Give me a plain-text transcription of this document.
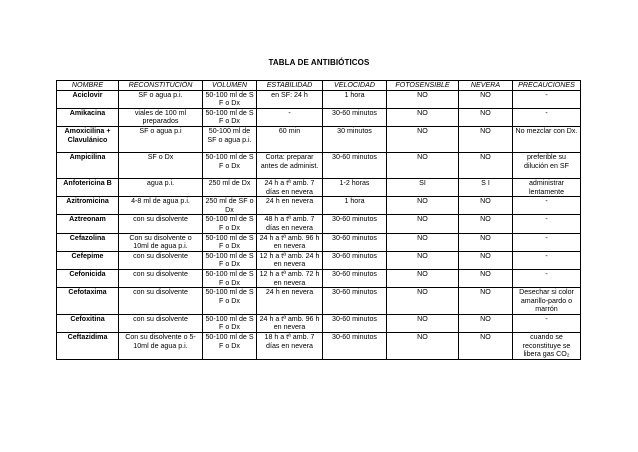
TABLA DE ANTIBIÓTICOS
NOMBRE	RECONSTITUCIÓN	VOLUMEN	ESTABILIDAD	VELOCIDAD	FOTOSENSIBLE	NEVERA	PRECAUCIONES
Aciclovir	SF o agua p.i.	50-100 ml de S F o Dx	en SF: 24 h	1 hora	NO	NO	-
Amikacina	viales de 100 ml preparados	50-100 ml de S F o Dx	-	30-60 minutos	NO	NO	-
Amoxicilina + Clavulánico	SF o agua p.i	50-100 ml de SF o agua p.i.	60 min	30 minutos	NO	NO	No mezclar con Dx.
Ampicilina	SF o Dx	50-100 ml de S F o Dx	Corta: preparar antes de administ.	30-60 minutos	NO	NO	preferible su dilución en SF
Anfotericina B	agua p.i.	250 ml de Dx	24 h a tª amb. 7 días en nevera	1-2 horas	SI	S I	administrar lentamente
Azitromicina	4-8 ml de agua p.i.	250 ml de SF o Dx	24 h en nevera	1 hora	NO	NO	-
Aztreonam	con su disolvente	50-100 ml de S F o Dx	48 h a tª amb. 7 días en nevera	30-60 minutos	NO	NO	-
Cefazolina	Con su disolvente o 10ml de agua p.i.	50-100 ml de S F o Dx	24 h a tª amb. 96 h en nevera	30-60 minutos	NO	NO	-
Cefepime	con su disolvente	50-100 ml de S F o Dx	12 h a tª amb. 24 h en nevera	30-60 minutos	NO	NO	-
Cefonicida	con su disolvente	50-100 ml de S F o Dx	12 h a tª amb. 72 h en nevera	30-60 minutos	NO	NO	-
Cefotaxima	con su disolvente	50-100 ml de S F o Dx	24 h en nevera	30-60 minutos	NO	NO	Desechar si color amarillo-pardo o marrón
Cefoxitina	con su disolvente	50-100 ml de S F o Dx	24 h a tª amb. 96 h en nevera	30-60 minutos	NO	NO	-
Ceftazidima	Con su disolvente o 5-10ml de agua p.i.	50-100 ml de S F o Dx	18 h a tª amb. 7 días en nevera	30-60 minutos	NO	NO	cuando se reconstituye se libera gas CO₂
